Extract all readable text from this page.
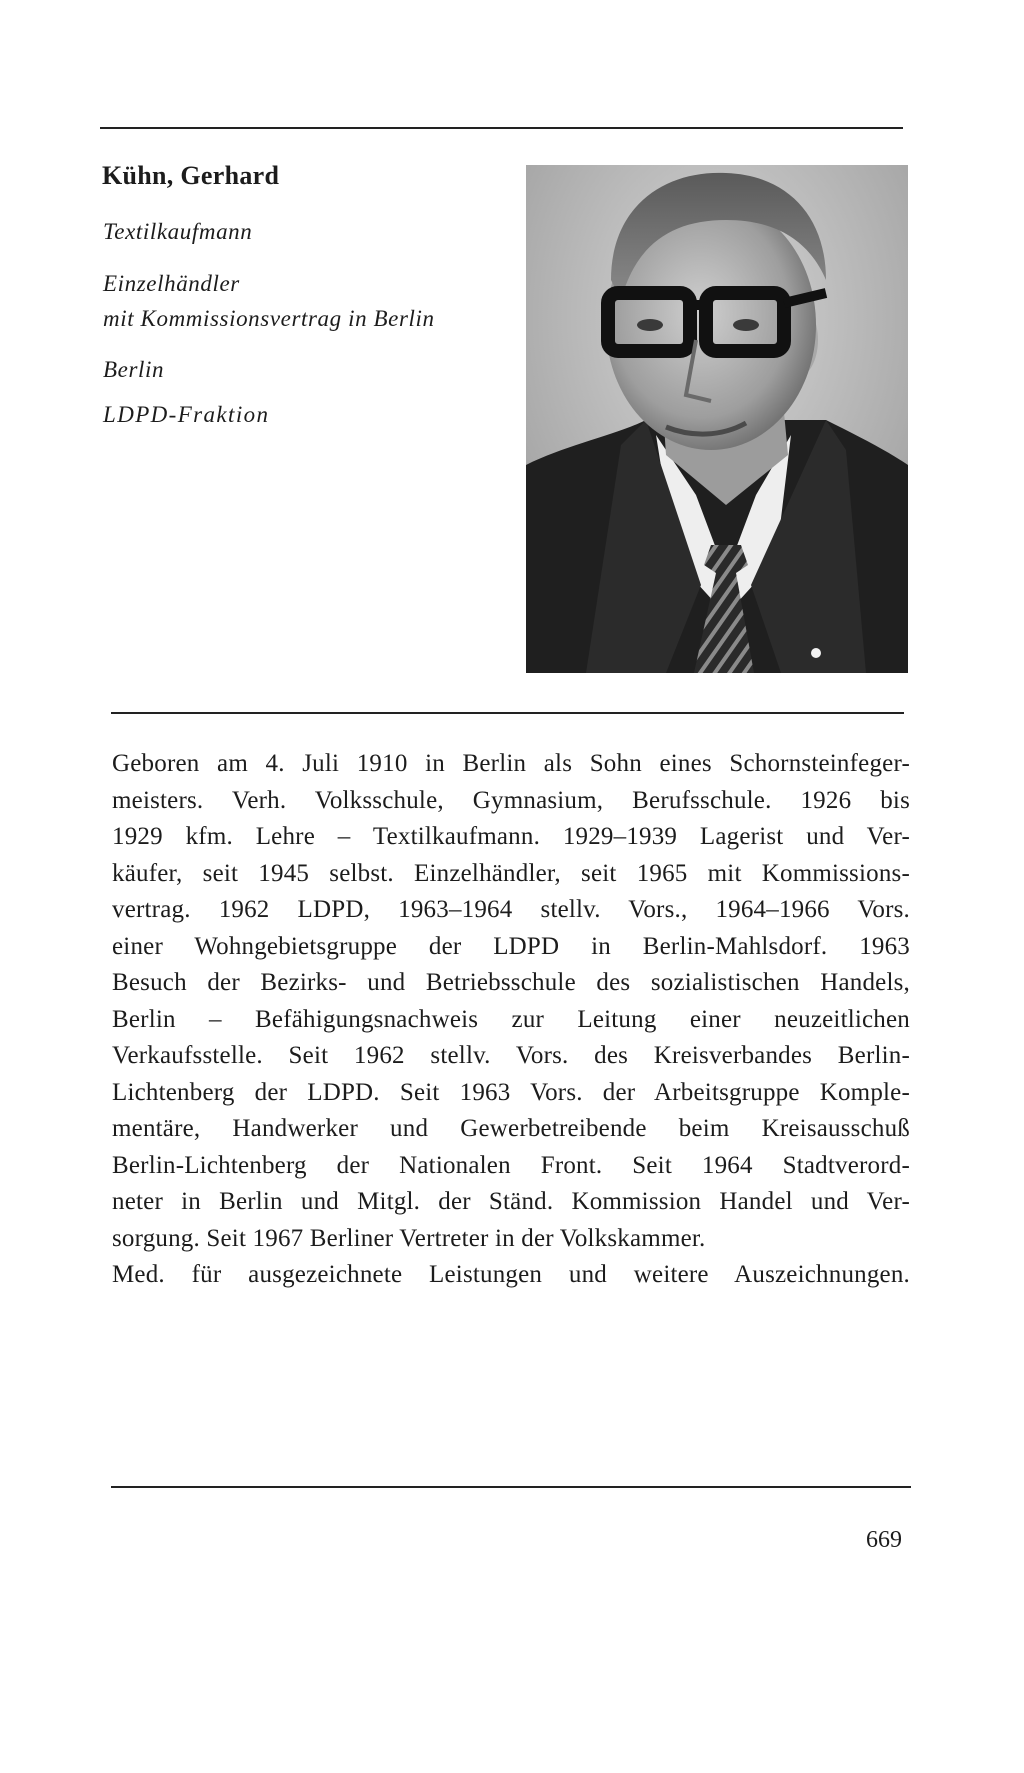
Kühn, Gerhard
Textilkaufmann
Einzelhändler
mit Kommissionsvertrag in Berlin
Berlin
LDPD-Fraktion
Geboren am 4. Juli 1910 in Berlin als Sohn eines Schornsteinfeger-
meisters. Verh. Volksschule, Gymnasium, Berufsschule. 1926 bis
1929 kfm. Lehre – Textilkaufmann. 1929–1939 Lagerist und Ver-
käufer, seit 1945 selbst. Einzelhändler, seit 1965 mit Kommissions-
vertrag. 1962 LDPD, 1963–1964 stellv. Vors., 1964–1966 Vors.
einer Wohngebietsgruppe der LDPD in Berlin-Mahlsdorf. 1963
Besuch der Bezirks- und Betriebsschule des sozialistischen Handels,
Berlin – Befähigungsnachweis zur Leitung einer neuzeitlichen
Verkaufsstelle. Seit 1962 stellv. Vors. des Kreisverbandes Berlin-
Lichtenberg der LDPD. Seit 1963 Vors. der Arbeitsgruppe Komple-
mentäre, Handwerker und Gewerbetreibende beim Kreisausschuß
Berlin-Lichtenberg der Nationalen Front. Seit 1964 Stadtverord-
neter in Berlin und Mitgl. der Ständ. Kommission Handel und Ver-
sorgung. Seit 1967 Berliner Vertreter in der Volkskammer.
Med. für ausgezeichnete Leistungen und weitere Auszeichnungen.
669
